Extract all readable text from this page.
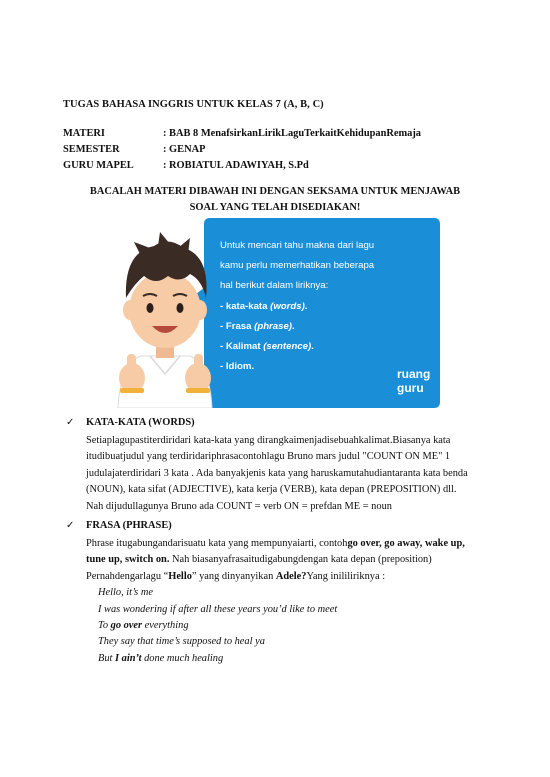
TUGAS BAHASA INGGRIS UNTUK KELAS 7 (A, B, C)
MATERI	: BAB 8 MenafsirkanLirikLaguTerkaitKehidupanRemaja
SEMESTER	: GENAP
GURU MAPEL	: ROBIATUL ADAWIYAH, S.Pd
BACALAH MATERI DIBAWAH INI DENGAN SEKSAMA UNTUK MENJAWAB
SOAL YANG TELAH DISEDIAKAN!
Untuk mencari tahu makna dari lagu
kamu perlu memerhatikan beberapa
hal berikut dalam liriknya:
- kata-kata (words).
- Frasa (phrase).
- Kalimat (sentence).
- Idiom.
ruang
guru
✓ KATA-KATA (WORDS)
Setiaplagupastiterdiridari kata-kata yang dirangkaimenjadisebuahkalimat.Biasanya kata
itudibuatjudul yang terdiridariphrasacontohlagu Bruno mars judul "COUNT ON ME" 1
judulajaterdiridari 3 kata . Ada banyakjenis kata yang haruskamutahudiantaranta kata benda
(NOUN), kata sifat (ADJECTIVE), kata kerja (VERB), kata depan (PREPOSITION) dll.
Nah dijudullagunya Bruno ada COUNT = verb ON = prefdan ME = noun
✓ FRASA (PHRASE)
Phrase itugabungandarisuatu kata yang mempunyaiarti, contohgo over, go away, wake up,
tune up, switch on. Nah biasanyafrasaitudigabungdengan kata depan (preposition)
Pernahdengarlagu “Hello” yang dinyanyikan Adele?Yang inililiriknya :
Hello, it’s me
I was wondering if after all these years you’d like to meet
To go over everything
They say that time’s supposed to heal ya
But I ain’t done much healing
